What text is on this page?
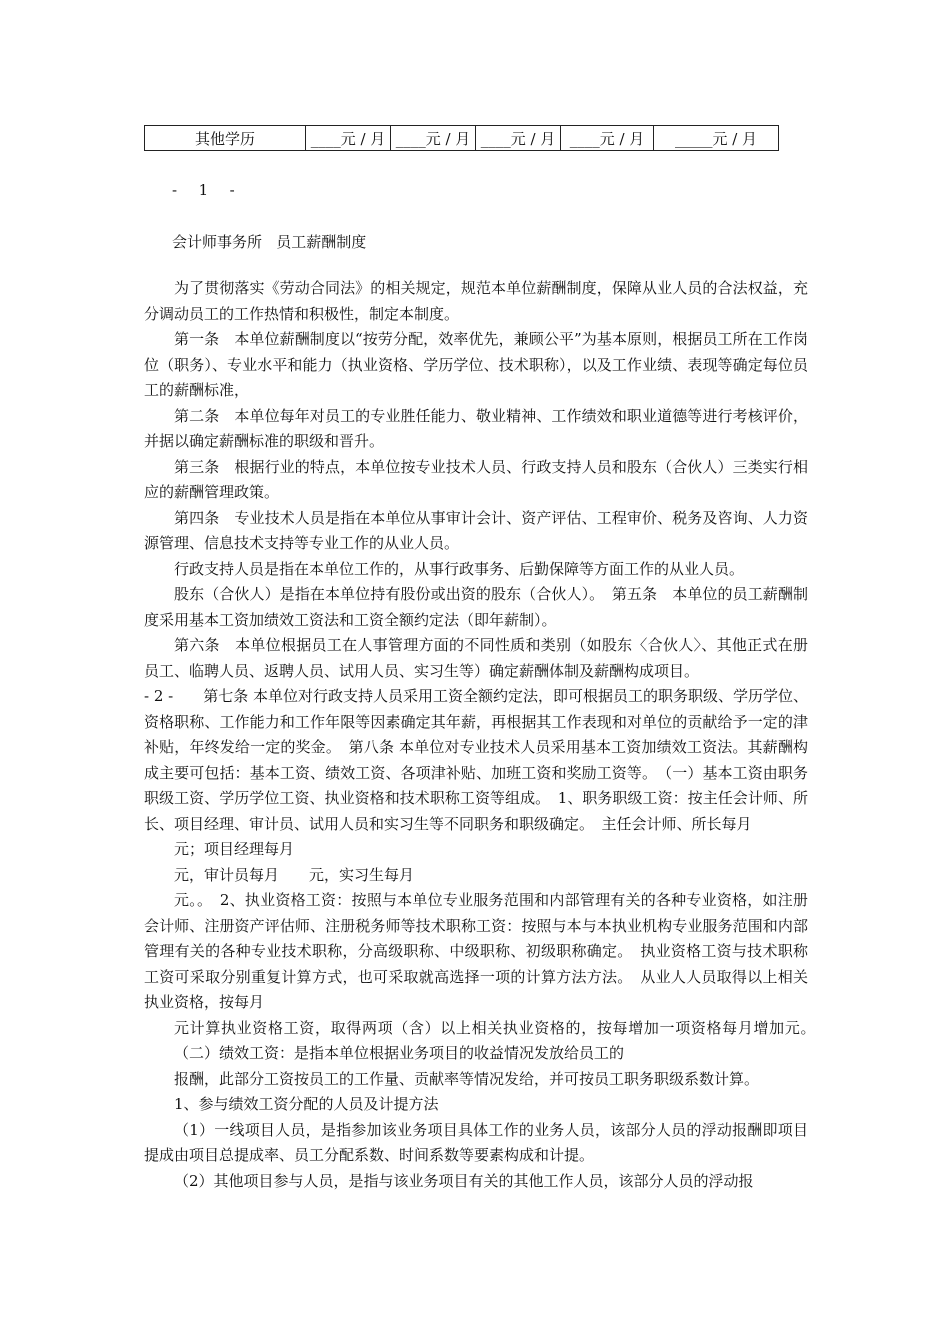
其他学历	____元 / 月	____元 / 月	____元 / 月	____元 / 月	_____元 / 月
-  1  -
会计师事务所   员工薪酬制度

为了贯彻落实《劳动合同法》的相关规定，规范本单位薪酬制度，保障从业人员的合法权益，充分调动员工的工作热情和积极性，制定本制度。

第一条　本单位薪酬制度以“按劳分配，效率优先，兼顾公平”为基本原则，根据员工所在工作岗位（职务）、专业水平和能力（执业资格、学历学位、技术职称），以及工作业绩、表现等确定每位员工的薪酬标准，

第二条　本单位每年对员工的专业胜任能力、敬业精神、工作绩效和职业道德等进行考核评价，并据以确定薪酬标准的职级和晋升。

第三条　根据行业的特点，本单位按专业技术人员、行政支持人员和股东（合伙人）三类实行相应的薪酬管理政策。

第四条　专业技术人员是指在本单位从事审计会计、资产评估、工程审价、税务及咨询、人力资源管理、信息技术支持等专业工作的从业人员。

行政支持人员是指在本单位工作的，从事行政事务、后勤保障等方面工作的从业人员。

股东（合伙人）是指在本单位持有股份或出资的股东（合伙人）。　第五条　本单位的员工薪酬制度采用基本工资加绩效工资法和工资全额约定法（即年薪制）。

第六条　本单位根据员工在人事管理方面的不同性质和类别（如股东〈合伙人〉、其他正式在册员工、临聘人员、返聘人员、试用人员、实习生等）确定薪酬体制及薪酬构成项目。

- 2 -　　第七条 本单位对行政支持人员采用工资全额约定法，即可根据员工的职务职级、学历学位、资格职称、工作能力和工作年限等因素确定其年薪，再根据其工作表现和对单位的贡献给予一定的津补贴，年终发给一定的奖金。　第八条 本单位对专业技术人员采用基本工资加绩效工资法。其薪酬构成主要可包括：基本工资、绩效工资、各项津补贴、加班工资和奖励工资等。　（一）基本工资由职务职级工资、学历学位工资、执业资格和技术职称工资等组成。　1、职务职级工资：按主任会计师、所长、项目经理、审计员、试用人员和实习生等不同职务和职级确定。　主任会计师、所长每月

元；项目经理每月

元，审计员每月　　元，实习生每月

元。。　2、执业资格工资：按照与本单位专业服务范围和内部管理有关的各种专业资格，如注册会计师、注册资产评估师、注册税务师等技术职称工资：按照与本与本执业机构专业服务范围和内部管理有关的各种专业技术职称，分高级职称、中级职称、初级职称确定。　执业资格工资与技术职称工资可采取分别重复计算方式，也可采取就高选择一项的计算方法方法。　从业人人员取得以上相关执业资格，按每月

元计算执业资格工资，取得两项（含）以上相关执业资格的，按每增加一项资格每月增加元。　　（二）绩效工资：是指本单位根据业务项目的收益情况发放给员工的

报酬，此部分工资按员工的工作量、贡献率等情况发给，并可按员工职务职级系数计算。

1、参与绩效工资分配的人员及计提方法

（1）一线项目人员，是指参加该业务项目具体工作的业务人员，该部分人员的浮动报酬即项目提成由项目总提成率、员工分配系数、时间系数等要素构成和计提。

（2）其他项目参与人员，是指与该业务项目有关的其他工作人员，该部分人员的浮动报
